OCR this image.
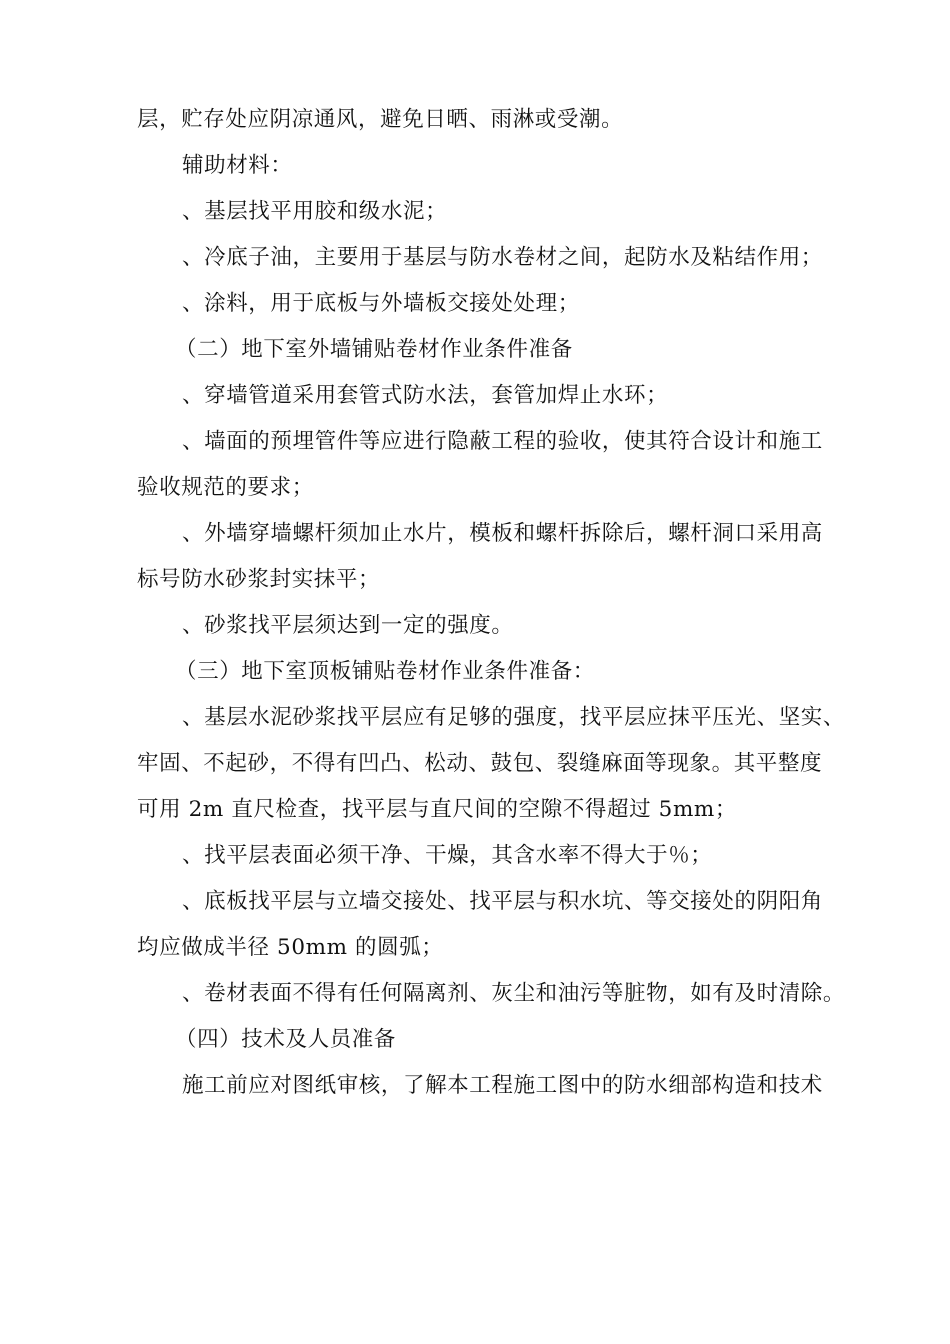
层，贮存处应阴凉通风，避免日晒、雨淋或受潮。
辅助材料：
、基层找平用胶和级水泥；
、冷底子油，主要用于基层与防水卷材之间，起防水及粘结作用；
、涂料，用于底板与外墙板交接处处理；
（二）地下室外墙铺贴卷材作业条件准备
、穿墙管道采用套管式防水法，套管加焊止水环；
、墙面的预埋管件等应进行隐蔽工程的验收，使其符合设计和施工
验收规范的要求；
、外墙穿墙螺杆须加止水片，模板和螺杆拆除后，螺杆洞口采用高
标号防水砂浆封实抹平；
、砂浆找平层须达到一定的强度。
（三）地下室顶板铺贴卷材作业条件准备：
、基层水泥砂浆找平层应有足够的强度，找平层应抹平压光、坚实、
牢固、不起砂，不得有凹凸、松动、鼓包、裂缝麻面等现象。其平整度
可用 2m 直尺检查，找平层与直尺间的空隙不得超过 5mm；
、找平层表面必须干净、干燥，其含水率不得大于％；
、底板找平层与立墙交接处、找平层与积水坑、等交接处的阴阳角
均应做成半径 50mm 的圆弧；
、卷材表面不得有任何隔离剂、灰尘和油污等脏物，如有及时清除。
（四）技术及人员准备
施工前应对图纸审核，了解本工程施工图中的防水细部构造和技术
